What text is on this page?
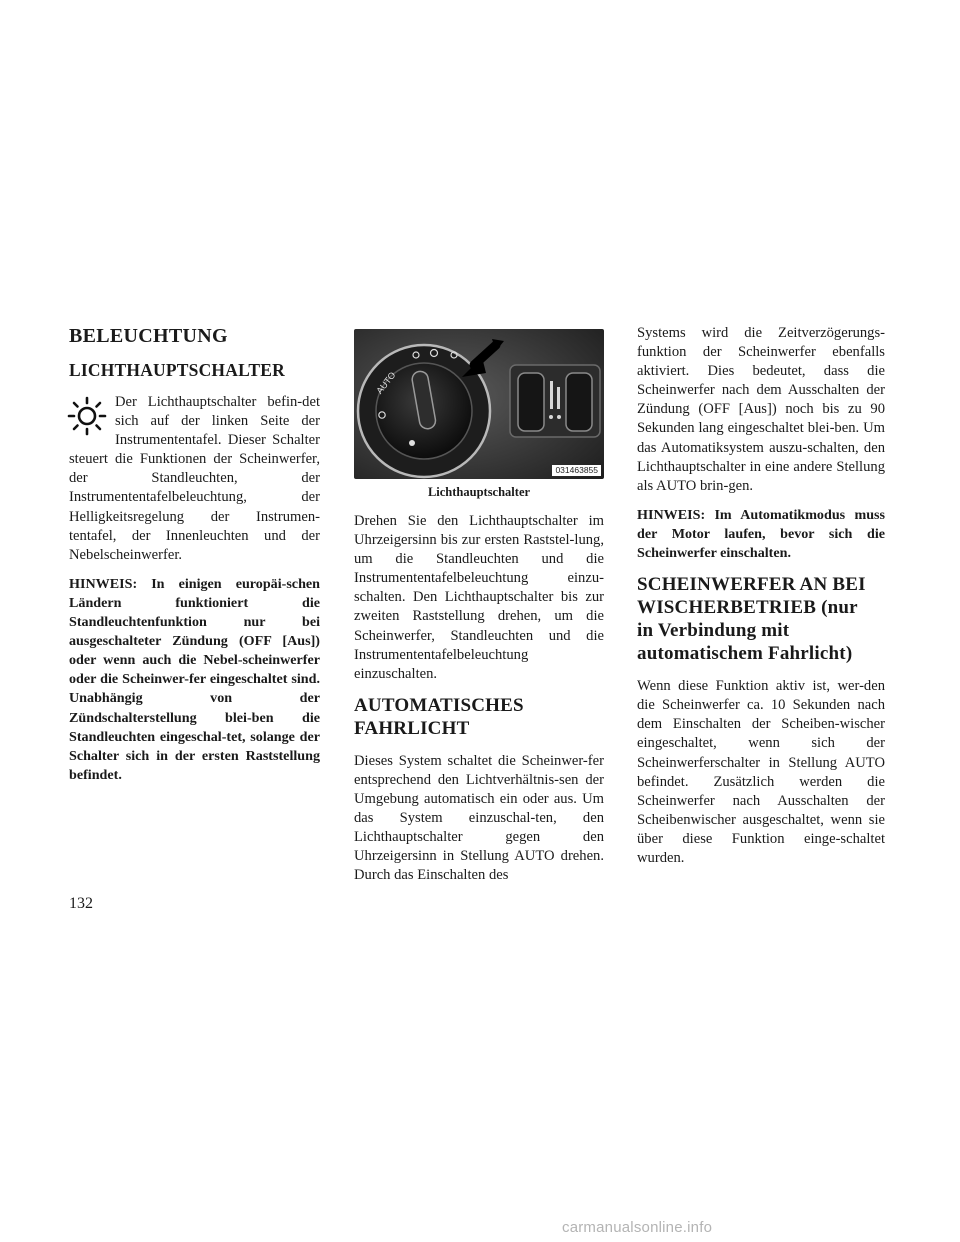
BELEUCHTUNG
LICHTHAUPTSCHALTER

Der Lichthauptschalter befin-det sich auf der linken Seite der Instrumententafel. Dieser Schalter steuert die Funktionen der Scheinwerfer, der Standleuchten, der Instrumententafelbeleuchtung, der Helligkeitsregelung der Instrumen-tentafel, der Innenleuchten und der Nebelscheinwerfer.

HINWEIS: In einigen europäi-schen Ländern funktioniert die Standleuchtenfunktion nur bei ausgeschalteter Zündung (OFF [Aus]) oder wenn auch die Nebel-scheinwerfer oder die Scheinwer-fer eingeschaltet sind. Unabhängig von der Zündschalterstellung blei-ben die Standleuchten eingeschal-tet, solange der Schalter sich in der ersten Raststellung befindet.

AUTO
031463855
Lichthauptschalter

Drehen Sie den Lichthauptschalter im Uhrzeigersinn bis zur ersten Raststel-lung, um die Standleuchten und die Instrumententafelbeleuchtung einzu-schalten. Den Lichthauptschalter bis zur zweiten Raststellung drehen, um die Scheinwerfer, Standleuchten und die Instrumententafelbeleuchtung einzuschalten.

AUTOMATISCHES FAHRLICHT

Dieses System schaltet die Scheinwer-fer entsprechend den Lichtverhältnis-sen der Umgebung automatisch ein oder aus. Um das System einzuschal-ten, den Lichthauptschalter gegen den Uhrzeigersinn in Stellung AUTO drehen. Durch das Einschalten des

Systems wird die Zeitverzögerungs-funktion der Scheinwerfer ebenfalls aktiviert. Dies bedeutet, dass die Scheinwerfer nach dem Ausschalten der Zündung (OFF [Aus]) noch bis zu 90 Sekunden lang eingeschaltet blei-ben. Um das Automatiksystem auszu-schalten, den Lichthauptschalter in eine andere Stellung als AUTO brin-gen.

HINWEIS: Im Automatikmodus muss der Motor laufen, bevor sich die Scheinwerfer einschalten.

SCHEINWERFER AN BEI WISCHERBETRIEB (nur in Verbindung mit automatischem Fahrlicht)

Wenn diese Funktion aktiv ist, wer-den die Scheinwerfer ca. 10 Sekunden nach dem Einschalten der Scheiben-wischer eingeschaltet, wenn sich der Scheinwerferschalter in Stellung AUTO befindet. Zusätzlich werden die Scheinwerfer nach Ausschalten der Scheibenwischer ausgeschaltet, wenn sie über diese Funktion einge-schaltet wurden.

132
carmanualsonline.info
